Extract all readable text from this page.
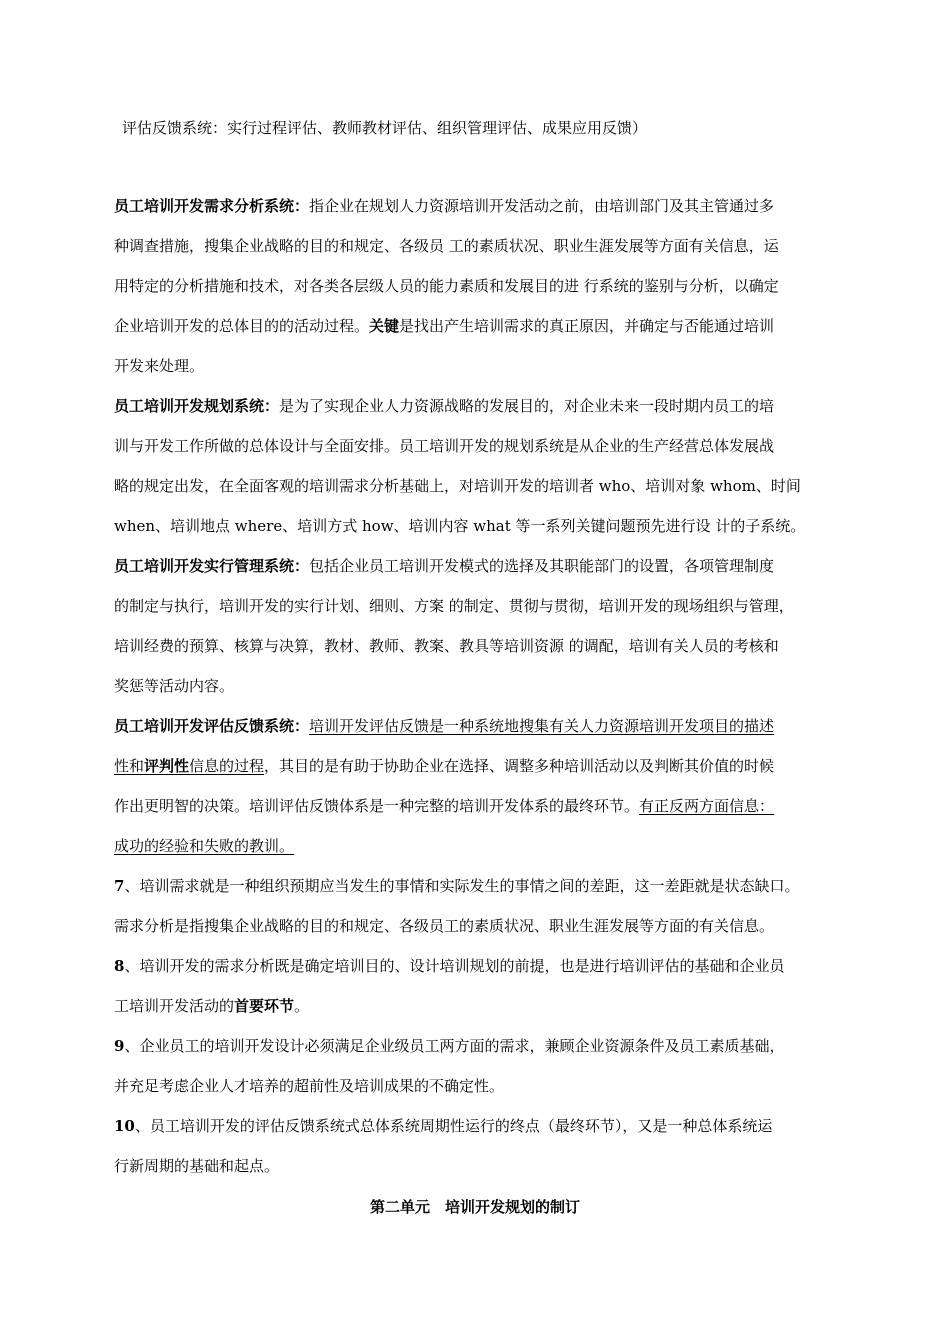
评估反馈系统：实行过程评估、教师教材评估、组织管理评估、成果应用反馈）
员工培训开发需求分析系统：指企业在规划人力资源培训开发活动之前，由培训部门及其主管通过多
种调查措施，搜集企业战略的目的和规定、各级员 工的素质状况、职业生涯发展等方面有关信息，运
用特定的分析措施和技术，对各类各层级人员的能力素质和发展目的进 行系统的鉴别与分析，以确定
企业培训开发的总体目的的活动过程。关键是找出产生培训需求的真正原因，并确定与否能通过培训
开发来处理。
员工培训开发规划系统：是为了实现企业人力资源战略的发展目的，对企业未来一段时期内员工的培
训与开发工作所做的总体设计与全面安排。员工培训开发的规划系统是从企业的生产经营总体发展战
略的规定出发，在全面客观的培训需求分析基础上，对培训开发的培训者 who、培训对象 whom、时间
when、培训地点 where、培训方式 how、培训内容 what 等一系列关键问题预先进行设 计的子系统。
员工培训开发实行管理系统：包括企业员工培训开发模式的选择及其职能部门的设置，各项管理制度
的制定与执行，培训开发的实行计划、细则、方案 的制定、贯彻与贯彻，培训开发的现场组织与管理，
培训经费的预算、核算与决算，教材、教师、教案、教具等培训资源 的调配，培训有关人员的考核和
奖惩等活动内容。
员工培训开发评估反馈系统：培训开发评估反馈是一种系统地搜集有关人力资源培训开发项目的描述
性和评判性信息的过程，其目的是有助于协助企业在选择、调整多种培训活动以及判断其价值的时候
作出更明智的决策。培训评估反馈体系是一种完整的培训开发体系的最终环节。有正反两方面信息：
成功的经验和失败的教训。
7、培训需求就是一种组织预期应当发生的事情和实际发生的事情之间的差距，这一差距就是状态缺口。
需求分析是指搜集企业战略的目的和规定、各级员工的素质状况、职业生涯发展等方面的有关信息。
8、培训开发的需求分析既是确定培训目的、设计培训规划的前提，也是进行培训评估的基础和企业员
工培训开发活动的首要环节。
9、企业员工的培训开发设计必须满足企业级员工两方面的需求，兼顾企业资源条件及员工素质基础，
并充足考虑企业人才培养的超前性及培训成果的不确定性。
10、员工培训开发的评估反馈系统式总体系统周期性运行的终点（最终环节），又是一种总体系统运
行新周期的基础和起点。
第二单元　培训开发规划的制订
